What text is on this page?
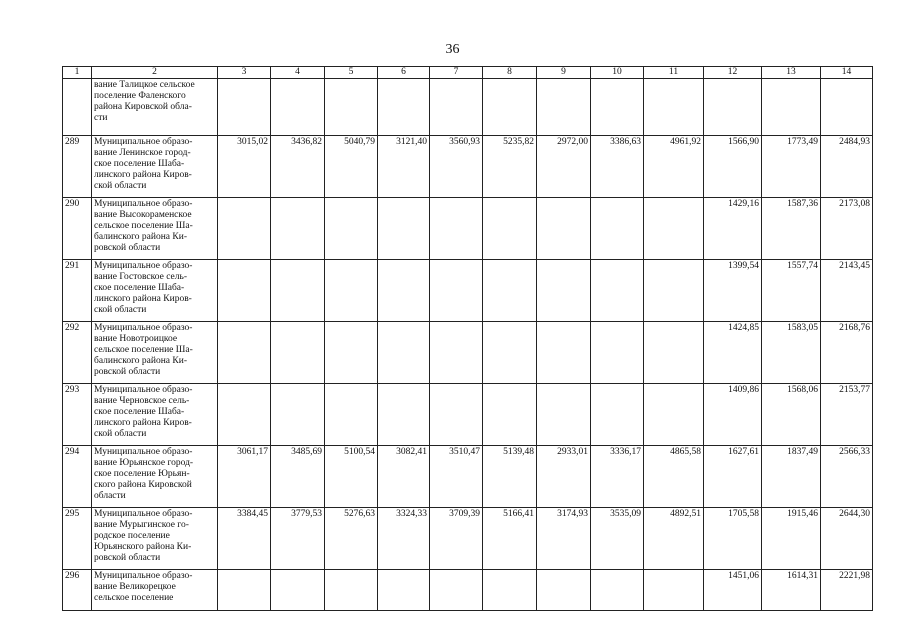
36
1	2	3	4	5	6	7	8	9	10	11	12	13	14
	вание Талицкое сельское
поселение Фаленского
района Кировской обла-
сти												
289	Муниципальное образо-
вание Ленинское город-
ское поселение Шаба-
линского района Киров-
ской области	3015,02	3436,82	5040,79	3121,40	3560,93	5235,82	2972,00	3386,63	4961,92	1566,90	1773,49	2484,93
290	Муниципальное образо-
вание Высокораменское
сельское поселение Ша-
балинского района Ки-
ровской области										1429,16	1587,36	2173,08
291	Муниципальное образо-
вание Гостовское сель-
ское поселение Шаба-
линского района Киров-
ской области										1399,54	1557,74	2143,45
292	Муниципальное образо-
вание Новотроицкое
сельское поселение Ша-
балинского района Ки-
ровской области										1424,85	1583,05	2168,76
293	Муниципальное образо-
вание Черновское сель-
ское поселение Шаба-
линского района Киров-
ской области										1409,86	1568,06	2153,77
294	Муниципальное образо-
вание Юрьянское город-
ское поселение Юрьян-
ского района Кировской
области	3061,17	3485,69	5100,54	3082,41	3510,47	5139,48	2933,01	3336,17	4865,58	1627,61	1837,49	2566,33
295	Муниципальное образо-
вание Мурыгинское го-
родское поселение
Юрьянского района Ки-
ровской области	3384,45	3779,53	5276,63	3324,33	3709,39	5166,41	3174,93	3535,09	4892,51	1705,58	1915,46	2644,30
296	Муниципальное образо-
вание Великорецкое
сельское поселение										1451,06	1614,31	2221,98
